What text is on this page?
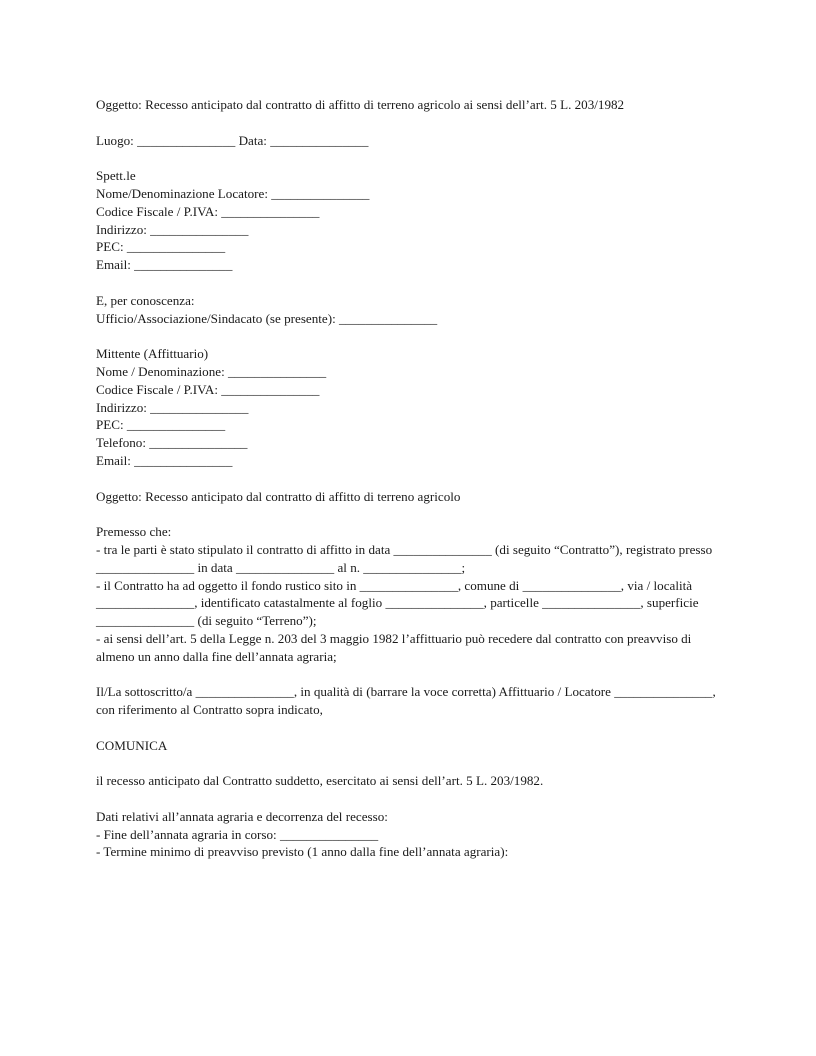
Oggetto: Recesso anticipato dal contratto di affitto di terreno agricolo ai sensi dell’art. 5 L. 203/1982

Luogo: _______________ Data: _______________

Spett.le
Nome/Denominazione Locatore: _______________
Codice Fiscale / P.IVA: _______________
Indirizzo: _______________
PEC: _______________
Email: _______________

E, per conoscenza:
Ufficio/Associazione/Sindacato (se presente): _______________

Mittente (Affittuario)
Nome / Denominazione: _______________
Codice Fiscale / P.IVA: _______________
Indirizzo: _______________
PEC: _______________
Telefono: _______________
Email: _______________

Oggetto: Recesso anticipato dal contratto di affitto di terreno agricolo

Premesso che:
- tra le parti è stato stipulato il contratto di affitto in data _______________ (di seguito “Contratto”), registrato presso _______________ in data _______________ al n. _______________;
- il Contratto ha ad oggetto il fondo rustico sito in _______________, comune di _______________, via / località _______________, identificato catastalmente al foglio _______________, particelle _______________, superficie _______________ (di seguito “Terreno”);
- ai sensi dell’art. 5 della Legge n. 203 del 3 maggio 1982 l’affittuario può recedere dal contratto con preavviso di almeno un anno dalla fine dell’annata agraria;

Il/La sottoscritto/a _______________, in qualità di (barrare la voce corretta) Affittuario / Locatore _______________, con riferimento al Contratto sopra indicato,

COMUNICA

il recesso anticipato dal Contratto suddetto, esercitato ai sensi dell’art. 5 L. 203/1982.

Dati relativi all’annata agraria e decorrenza del recesso:
- Fine dell’annata agraria in corso: _______________
- Termine minimo di preavviso previsto (1 anno dalla fine dell’annata agraria):
